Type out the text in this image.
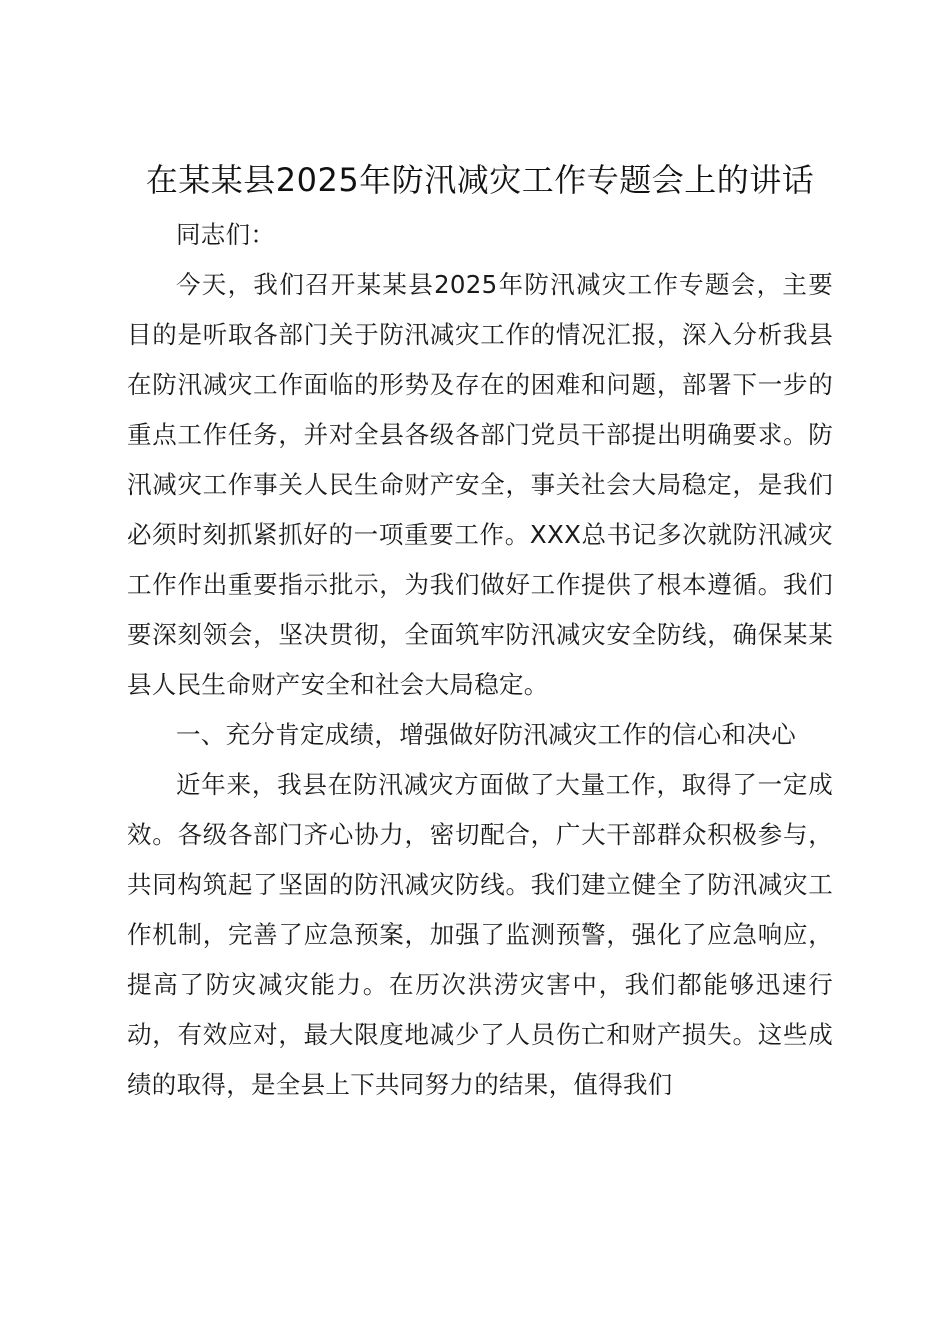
在某某县2025年防汛减灾工作专题会上的讲话

同志们：

今天，我们召开某某县2025年防汛减灾工作专题会，主要目的是听取各部门关于防汛减灾工作的情况汇报，深入分析我县在防汛减灾工作面临的形势及存在的困难和问题，部署下一步的重点工作任务，并对全县各级各部门党员干部提出明确要求。防汛减灾工作事关人民生命财产安全，事关社会大局稳定，是我们必须时刻抓紧抓好的一项重要工作。XXX总书记多次就防汛减灾工作作出重要指示批示，为我们做好工作提供了根本遵循。我们要深刻领会，坚决贯彻，全面筑牢防汛减灾安全防线，确保某某县人民生命财产安全和社会大局稳定。

一、充分肯定成绩，增强做好防汛减灾工作的信心和决心

近年来，我县在防汛减灾方面做了大量工作，取得了一定成效。各级各部门齐心协力，密切配合，广大干部群众积极参与，共同构筑起了坚固的防汛减灾防线。我们建立健全了防汛减灾工作机制，完善了应急预案，加强了监测预警，强化了应急响应，提高了防灾减灾能力。在历次洪涝灾害中，我们都能够迅速行动，有效应对，最大限度地减少了人员伤亡和财产损失。这些成绩的取得，是全县上下共同努力的结果，值得我们
